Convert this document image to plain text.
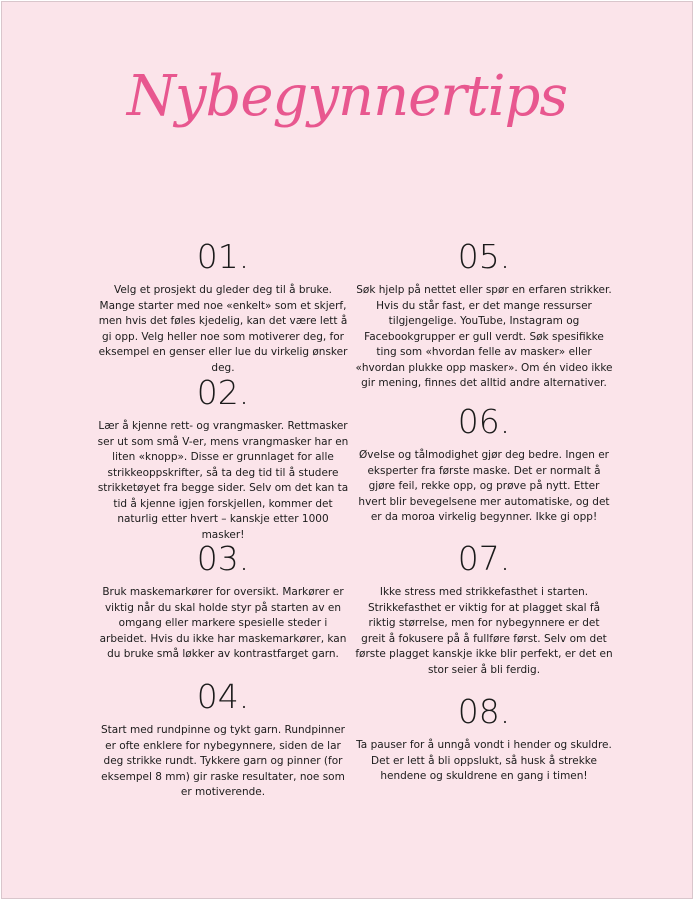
Nybegynnertips
01.
Velg et prosjekt du gleder deg til å bruke. Mange starter med noe «enkelt» som et skjerf, men hvis det føles kjedelig, kan det være lett å gi opp. Velg heller noe som motiverer deg, for eksempel en genser eller lue du virkelig ønsker deg.
02.
Lær å kjenne rett- og vrangmasker. Rettmasker ser ut som små V-er, mens vrangmasker har en liten «knopp». Disse er grunnlaget for alle strikkeoppskrifter, så ta deg tid til å studere strikketøyet fra begge sider. Selv om det kan ta tid å kjenne igjen forskjellen, kommer det naturlig etter hvert – kanskje etter 1000 masker!
03.
Bruk maskemarkører for oversikt. Markører er viktig når du skal holde styr på starten av en omgang eller markere spesielle steder i arbeidet. Hvis du ikke har maskemarkører, kan du bruke små løkker av kontrastfarget garn.
04.
Start med rundpinne og tykt garn. Rundpinner er ofte enklere for nybegynnere, siden de lar deg strikke rundt. Tykkere garn og pinner (for eksempel 8 mm) gir raske resultater, noe som er motiverende.
05.
Søk hjelp på nettet eller spør en erfaren strikker. Hvis du står fast, er det mange ressurser tilgjengelige. YouTube, Instagram og Facebookgrupper er gull verdt. Søk spesifikke ting som «hvordan felle av masker» eller «hvordan plukke opp masker». Om én video ikke gir mening, finnes det alltid andre alternativer.
06.
Øvelse og tålmodighet gjør deg bedre. Ingen er eksperter fra første maske. Det er normalt å gjøre feil, rekke opp, og prøve på nytt. Etter hvert blir bevegelsene mer automatiske, og det er da moroa virkelig begynner. Ikke gi opp!
07.
Ikke stress med strikkefasthet i starten. Strikkefasthet er viktig for at plagget skal få riktig størrelse, men for nybegynnere er det greit å fokusere på å fullføre først. Selv om det første plagget kanskje ikke blir perfekt, er det en stor seier å bli ferdig.
08.
Ta pauser for å unngå vondt i hender og skuldre. Det er lett å bli oppslukt, så husk å strekke hendene og skuldrene en gang i timen!
